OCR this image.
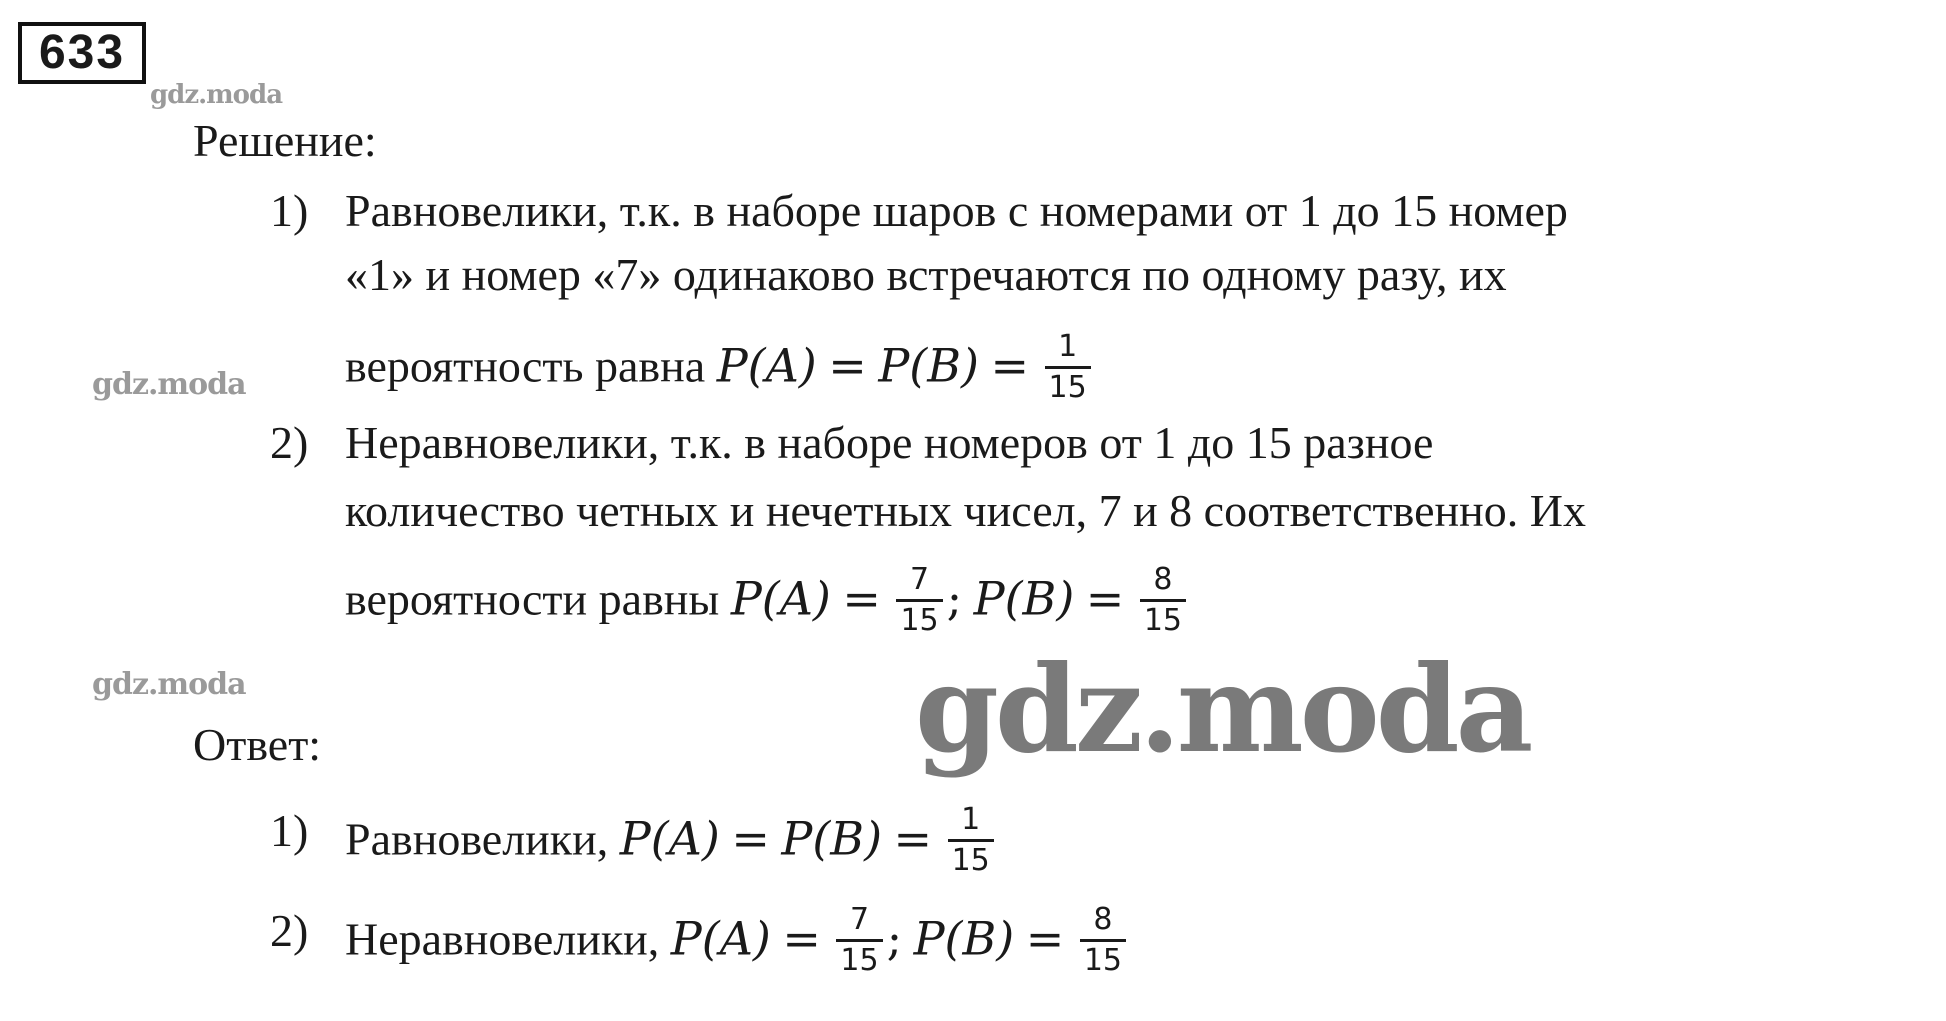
633
gdz.moda
gdz.moda
gdz.moda	gdz.moda
Решение:
1) Равновелики, т.к. в наборе шаров с номерами от 1 до 15 номер
«1» и номер «7» одинаково встречаются по одному разу, их
вероятность равна $P(A) = P(B) = \frac{1}{15}$
2) Неравновелики, т.к. в наборе номеров от 1 до 15 разное
количество четных и нечетных чисел, 7 и 8 соответственно. Их
вероятности равны $P(A) = \frac{7}{15}$ ; $P(B) = \frac{8}{15}$
Ответ:
1) Равновелики, $P(A) = P(B) = \frac{1}{15}$
2) Неравновелики, $P(A) = \frac{7}{15}$ ; $P(B) = \frac{8}{15}$
